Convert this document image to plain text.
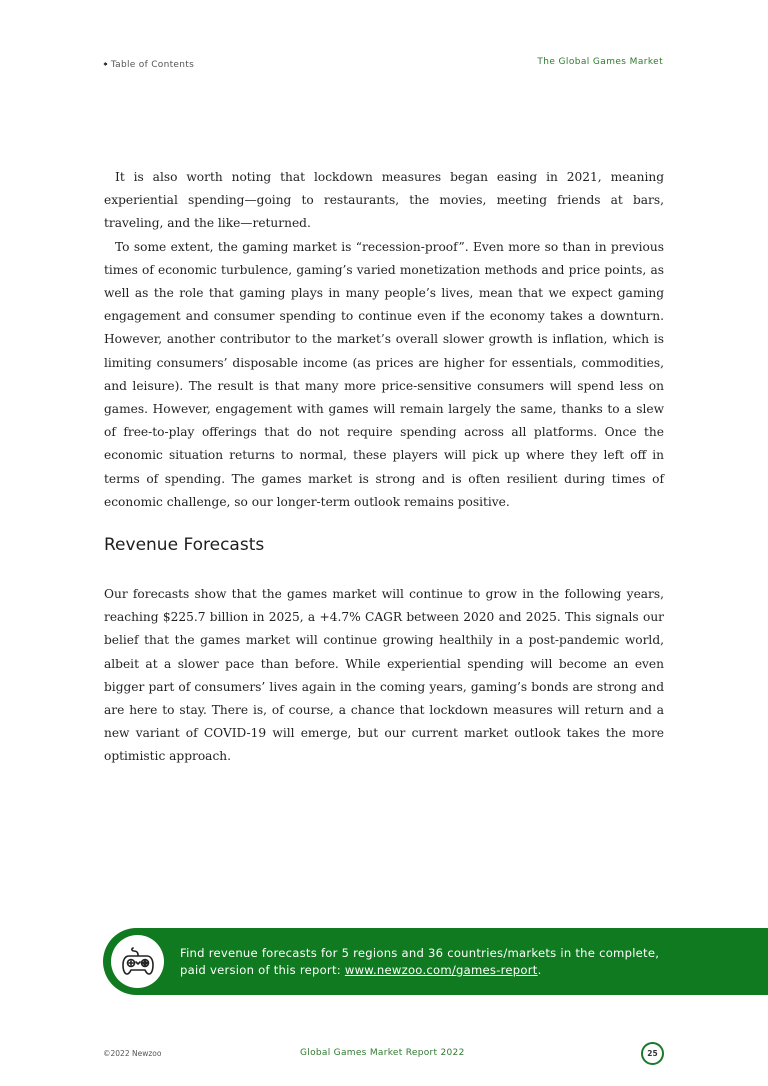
🠸 Table of Contents	The Global Games Market

It is also worth noting that lockdown measures began easing in 2021, meaning experiential spending—going to restaurants, the movies, meeting friends at bars, traveling, and the like—returned.

To some extent, the gaming market is “recession-proof”. Even more so than in previous times of economic turbulence, gaming’s varied monetization methods and price points, as well as the role that gaming plays in many people’s lives, mean that we expect gaming engagement and consumer spending to continue even if the economy takes a downturn. However, another contributor to the market’s overall slower growth is inflation, which is limiting consumers’ disposable income (as prices are higher for essentials, commodities, and leisure). The result is that many more price-sensitive consumers will spend less on games. However, engagement with games will remain largely the same, thanks to a slew of free-to-play offerings that do not require spending across all platforms. Once the economic situation returns to normal, these players will pick up where they left off in terms of spending. The games market is strong and is often resilient during times of economic challenge, so our longer-term outlook remains positive.

Revenue Forecasts

Our forecasts show that the games market will continue to grow in the following years, reaching $225.7 billion in 2025, a +4.7% CAGR between 2020 and 2025. This signals our belief that the games market will continue growing healthily in a post-pandemic world, albeit at a slower pace than before. While experiential spending will become an even bigger part of consumers’ lives again in the coming years, gaming’s bonds are strong and are here to stay. There is, of course, a chance that lockdown measures will return and a new variant of COVID-19 will emerge, but our current market outlook takes the more optimistic approach.

Find revenue forecasts for 5 regions and 36 countries/markets in the complete,
paid version of this report: www.newzoo.com/games-report.
©2022 Newzoo	Global Games Market Report 2022	25
